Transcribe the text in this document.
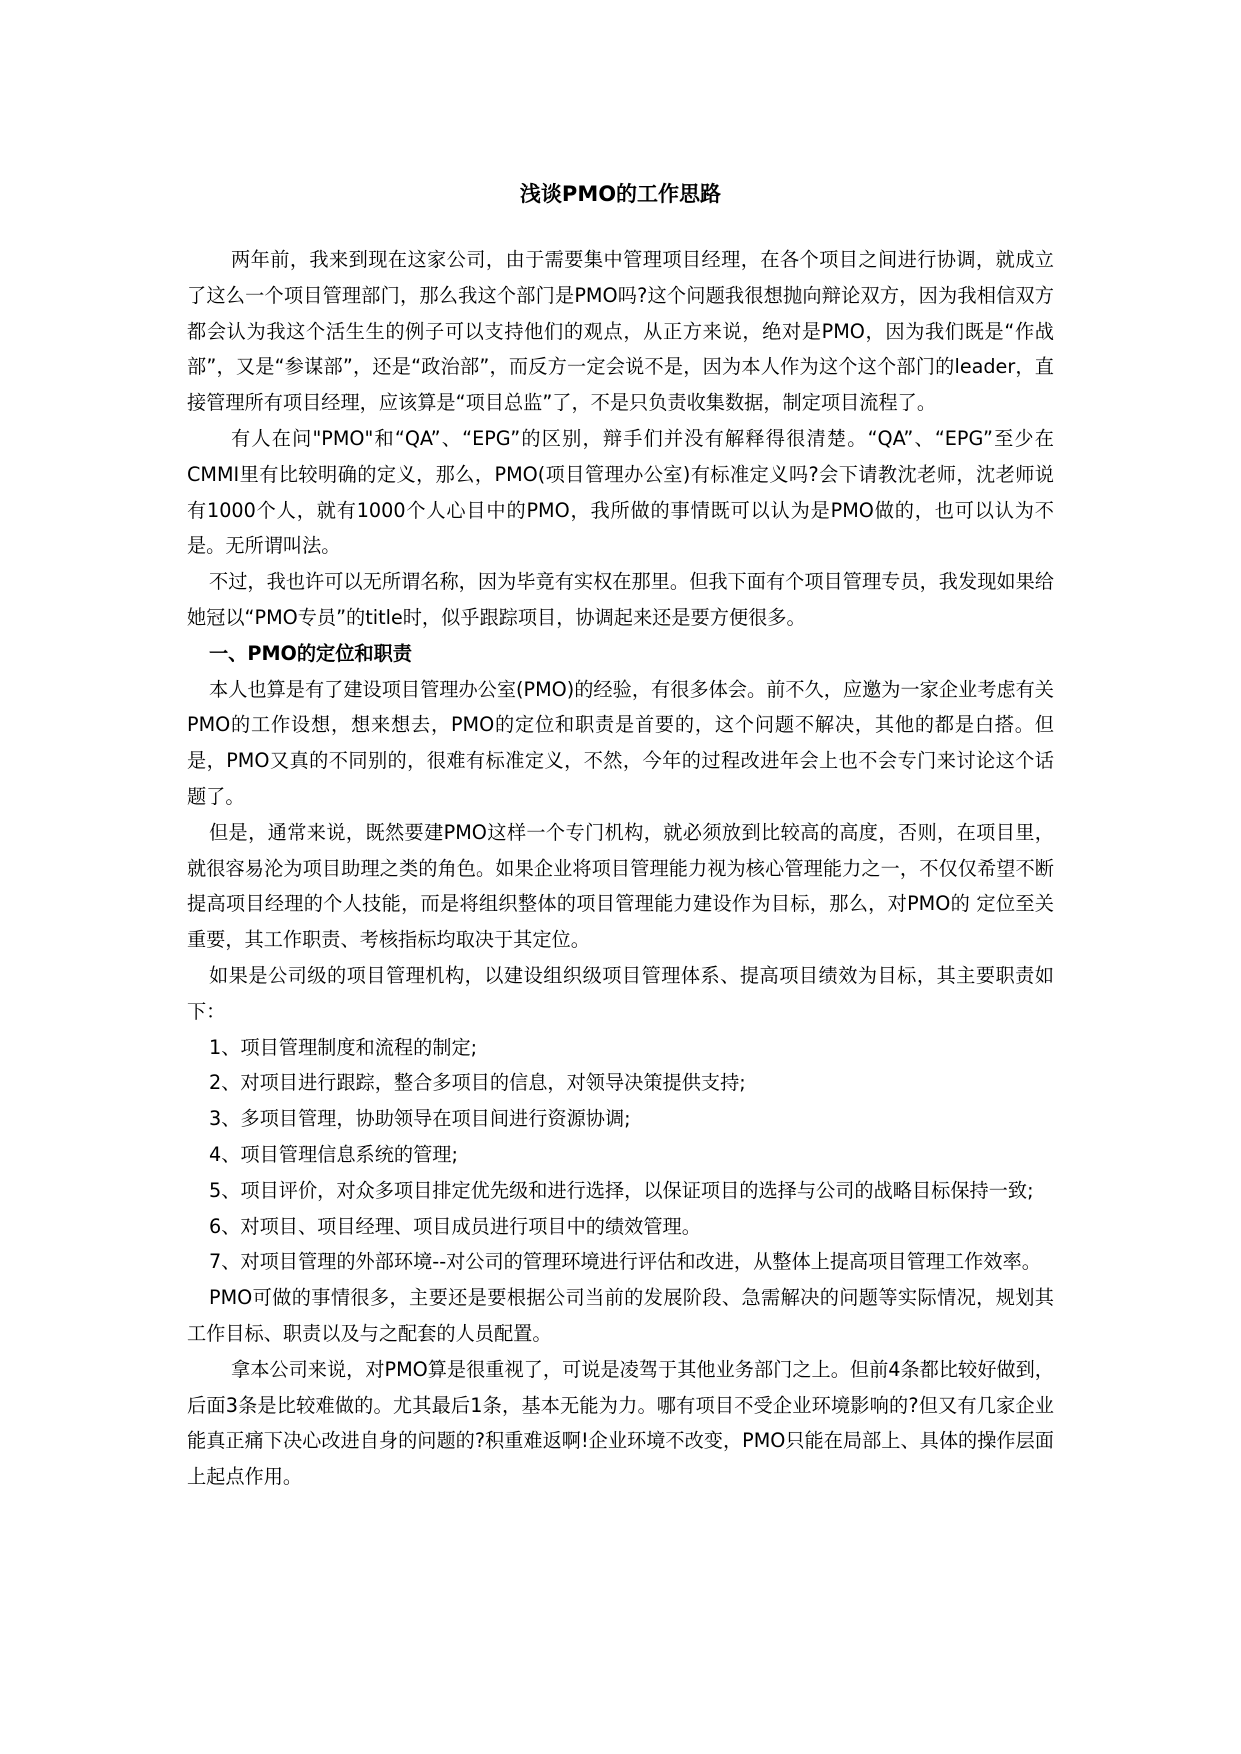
浅谈PMO的工作思路

两年前，我来到现在这家公司，由于需要集中管理项目经理，在各个项目之间进行协调，就成立了这么一个项目管理部门，那么我这个部门是PMO吗?这个问题我很想抛向辩论双方，因为我相信双方都会认为我这个活生生的例子可以支持他们的观点，从正方来说，绝对是PMO，因为我们既是“作战部”，又是“参谋部”，还是“政治部”，而反方一定会说不是，因为本人作为这个这个部门的leader，直接管理所有项目经理，应该算是“项目总监”了，不是只负责收集数据，制定项目流程了。

有人在问"PMO"和“QA”、“EPG”的区别，辩手们并没有解释得很清楚。“QA”、“EPG”至少在CMMI里有比较明确的定义，那么，PMO(项目管理办公室)有标准定义吗?会下请教沈老师，沈老师说有1000个人，就有1000个人心目中的PMO，我所做的事情既可以认为是PMO做的，也可以认为不是。无所谓叫法。

不过，我也许可以无所谓名称，因为毕竟有实权在那里。但我下面有个项目管理专员，我发现如果给她冠以“PMO专员”的title时，似乎跟踪项目，协调起来还是要方便很多。

一、PMO的定位和职责

本人也算是有了建设项目管理办公室(PMO)的经验，有很多体会。前不久，应邀为一家企业考虑有关PMO的工作设想，想来想去，PMO的定位和职责是首要的，这个问题不解决，其他的都是白搭。但是，PMO又真的不同别的，很难有标准定义，不然，今年的过程改进年会上也不会专门来讨论这个话题了。

但是，通常来说，既然要建PMO这样一个专门机构，就必须放到比较高的高度，否则，在项目里，就很容易沦为项目助理之类的角色。如果企业将项目管理能力视为核心管理能力之一，不仅仅希望不断提高项目经理的个人技能，而是将组织整体的项目管理能力建设作为目标，那么，对PMO的 定位至关重要，其工作职责、考核指标均取决于其定位。

如果是公司级的项目管理机构，以建设组织级项目管理体系、提高项目绩效为目标，其主要职责如下：

1、项目管理制度和流程的制定;

2、对项目进行跟踪，整合多项目的信息，对领导决策提供支持;

3、多项目管理，协助领导在项目间进行资源协调;

4、项目管理信息系统的管理;

5、项目评价，对众多项目排定优先级和进行选择，以保证项目的选择与公司的战略目标保持一致;

6、对项目、项目经理、项目成员进行项目中的绩效管理。

7、对项目管理的外部环境--对公司的管理环境进行评估和改进，从整体上提高项目管理工作效率。

PMO可做的事情很多，主要还是要根据公司当前的发展阶段、急需解决的问题等实际情况，规划其工作目标、职责以及与之配套的人员配置。

拿本公司来说，对PMO算是很重视了，可说是凌驾于其他业务部门之上。但前4条都比较好做到，后面3条是比较难做的。尤其最后1条，基本无能为力。哪有项目不受企业环境影响的?但又有几家企业能真正痛下决心改进自身的问题的?积重难返啊!企业环境不改变，PMO只能在局部上、具体的操作层面上起点作用。
